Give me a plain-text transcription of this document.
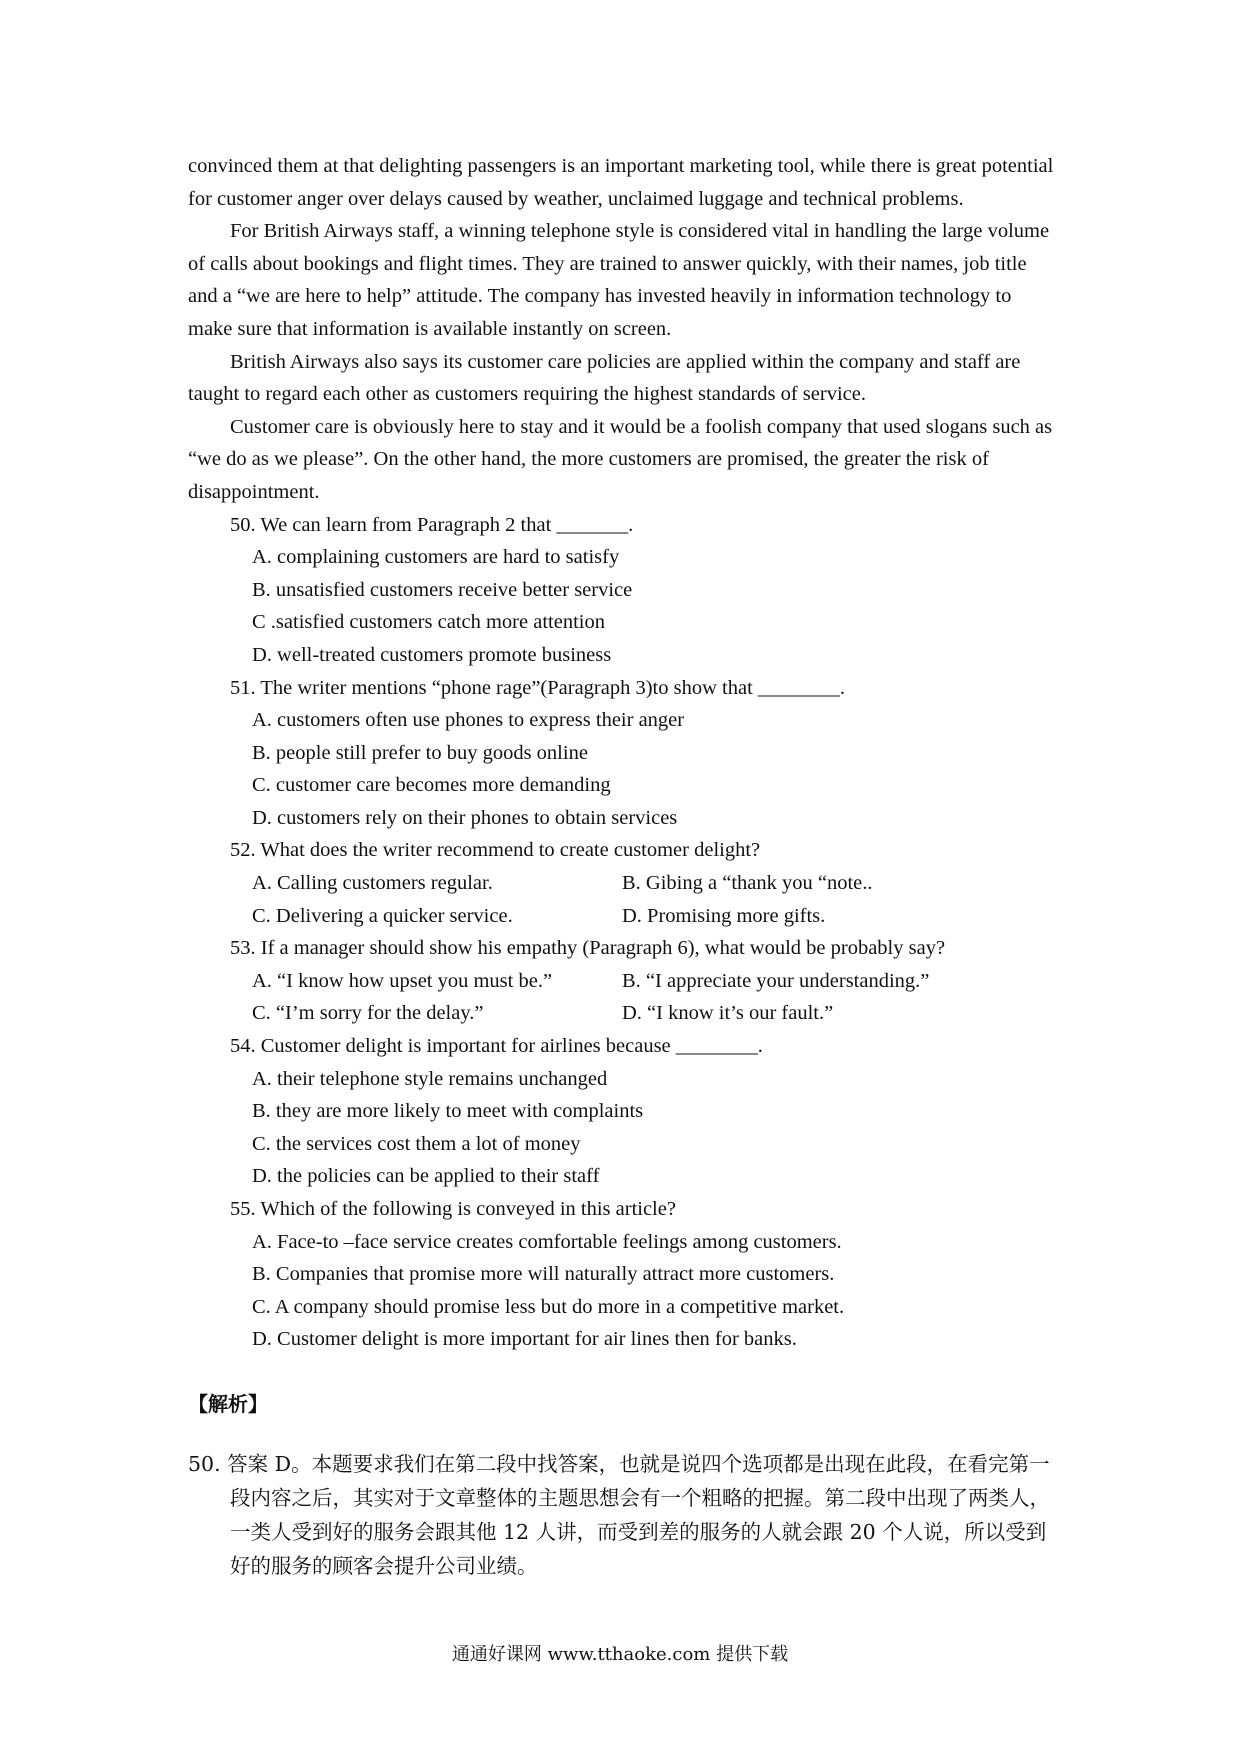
convinced them at that delighting passengers is an important marketing tool, while there is great potential for customer anger over delays caused by weather, unclaimed luggage and technical problems.

For British Airways staff, a winning telephone style is considered vital in handling the large volume of calls about bookings and flight times. They are trained to answer quickly, with their names, job title and a “we are here to help” attitude. The company has invested heavily in information technology to make sure that information is available instantly on screen.

British Airways also says its customer care policies are applied within the company and staff are taught to regard each other as customers requiring the highest standards of service.

Customer care is obviously here to stay and it would be a foolish company that used slogans such as “we do as we please”. On the other hand, the more customers are promised, the greater the risk of disappointment.

50. We can learn from Paragraph 2 that _______.

A. complaining customers are hard to satisfy

B. unsatisfied customers receive better service

C .satisfied customers catch more attention

D. well-treated customers promote business

51. The writer mentions “phone rage”(Paragraph 3)to show that ________.

A. customers often use phones to express their anger

B. people still prefer to buy goods online

C. customer care becomes more demanding

D. customers rely on their phones to obtain services

52. What does the writer recommend to create customer delight?

A. Calling customers regular.	B. Gibing a “thank you “note..
C. Delivering a quicker service.	D. Promising more gifts.

53. If a manager should show his empathy (Paragraph 6), what would be probably say?

A. “I know how upset you must be.”	B. “I appreciate your understanding.”
C. “I’m sorry for the delay.”	D. “I know it’s our fault.”

54. Customer delight is important for airlines because ________.

A. their telephone style remains unchanged

B. they are more likely to meet with complaints

C. the services cost them a lot of money

D. the policies can be applied to their staff

55. Which of the following is conveyed in this article?

A. Face-to –face service creates comfortable feelings among customers.

B. Companies that promise more will naturally attract more customers.

C. A company should promise less but do more in a competitive market.

D. Customer delight is more important for air lines then for banks.

【解析】

50. 答案 D。本题要求我们在第二段中找答案，也就是说四个选项都是出现在此段，在看完第一段内容之后，其实对于文章整体的主题思想会有一个粗略的把握。第二段中出现了两类人，一类人受到好的服务会跟其他 12 人讲，而受到差的服务的人就会跟 20 个人说，所以受到好的服务的顾客会提升公司业绩。

通通好课网 www.tthaoke.com 提供下载
